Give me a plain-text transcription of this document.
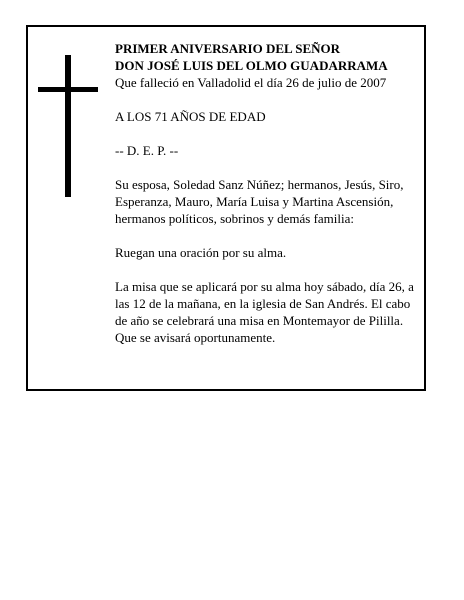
PRIMER ANIVERSARIO DEL SEÑOR

DON JOSÉ LUIS DEL OLMO GUADARRAMA

Que falleció en Valladolid el día 26 de julio de 2007

A LOS 71 AÑOS DE EDAD

-- D. E. P. --

Su esposa, Soledad Sanz Núñez; hermanos, Jesús, Siro, Esperanza, Mauro, María Luisa y Martina Ascensión, hermanos políticos, sobrinos y demás familia:

Ruegan una oración por su alma.

La misa que se aplicará por su alma hoy sábado, día 26, a las 12 de la mañana, en la iglesia de San Andrés. El cabo de año se celebrará una misa en Montemayor de Pililla. Que se avisará oportunamente.
